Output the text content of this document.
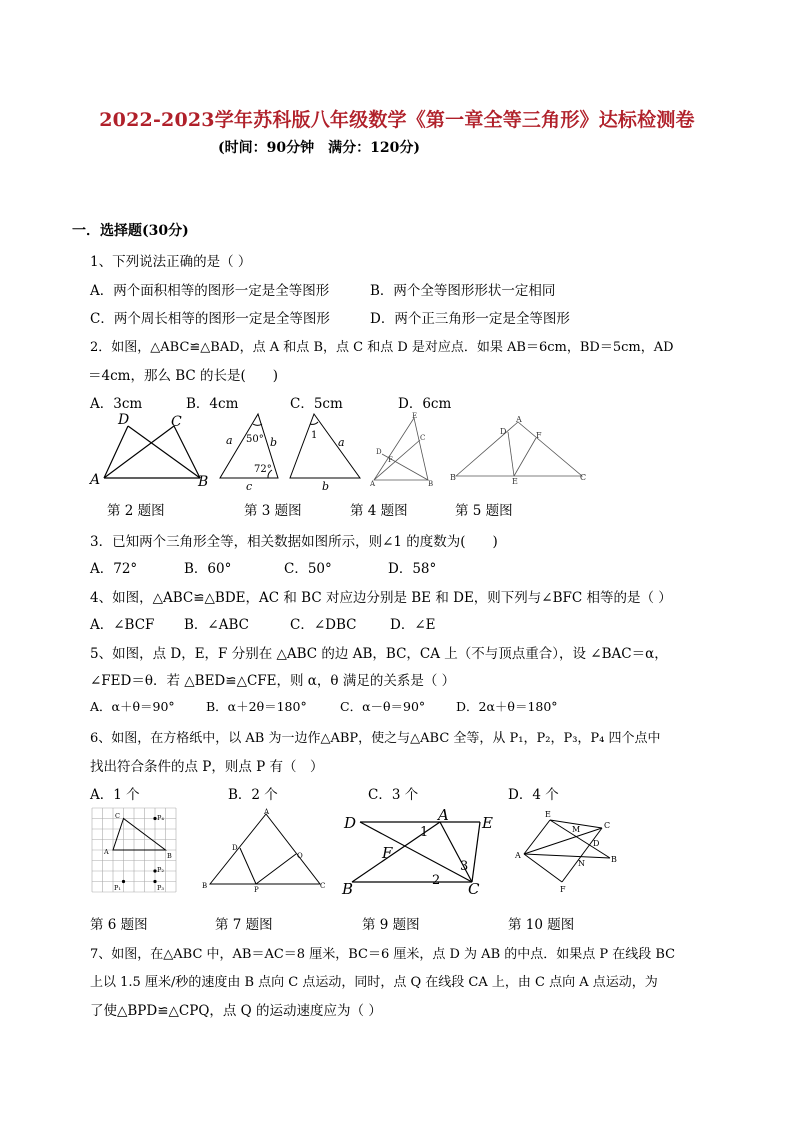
2022-2023学年苏科版八年级数学《第一章全等三角形》达标检测卷
(时间：90分钟　满分：120分)
一．选择题(30分)
1、下列说法正确的是（ ）
A．两个面积相等的图形一定是全等图形	B．两个全等图形形状一定相同
C．两个周长相等的图形一定是全等图形	D．两个正三角形一定是全等图形
2．如图，△ABC≌△BAD，点 A 和点 B，点 C 和点 D 是对应点．如果 AB＝6cm，BD＝5cm，AD
＝4cm，那么 BC 的长是(　　)
A．3cm	B．4cm	C．5cm	D．6cm
D	C
A	B
a	b
c
50°
72°
1
a
b
E
C
D
F
A	B
A
D	F
B	E	C
第 2 题图	第 3 题图	第 4 题图	第 5 题图
3．已知两个三角形全等，相关数据如图所示，则∠1 的度数为(　　)
A．72°	B．60°	C．50°	D．58°
4、如图，△ABC≌△BDE，AC 和 BC 对应边分别是 BE 和 DE，则下列与∠BFC 相等的是（ ）
A．∠BCF B．∠ABC	C．∠DBC D．∠E
5、如图，点 D，E，F 分别在 △ABC 的边 AB，BC，CA 上（不与顶点重合），设 ∠BAC＝α，
∠FED＝θ．若 △BED≌△CFE，则 α，θ 满足的关系是（ ）
A．α＋θ＝90°	B．α＋2θ＝180°	C．α－θ＝90° D．2α＋θ＝180°
6、如图，在方格纸中，以 AB 为一边作△ABP，使之与△ABC 全等，从 P₁，P₂，P₃，P₄ 四个点中
找出符合条件的点 P，则点 P 有（　）
A．1 个	B．2 个	C．3 个	D．4 个
C
A	B
P₄
P₂
P₃
P₁
A
D
O
B	P	C
D	A E
F
B	C
1
3
2
E
M	C
D
A
N	B
F
第 6 题图	第 7 题图	第 9 题图	第 10 题图
7、如图，在△ABC 中，AB＝AC＝8 厘米，BC＝6 厘米，点 D 为 AB 的中点．如果点 P 在线段 BC
上以 1.5 厘米/秒的速度由 B 点向 C 点运动，同时，点 Q 在线段 CA 上，由 C 点向 A 点运动，为
了使△BPD≌△CPQ，点 Q 的运动速度应为（ ）
